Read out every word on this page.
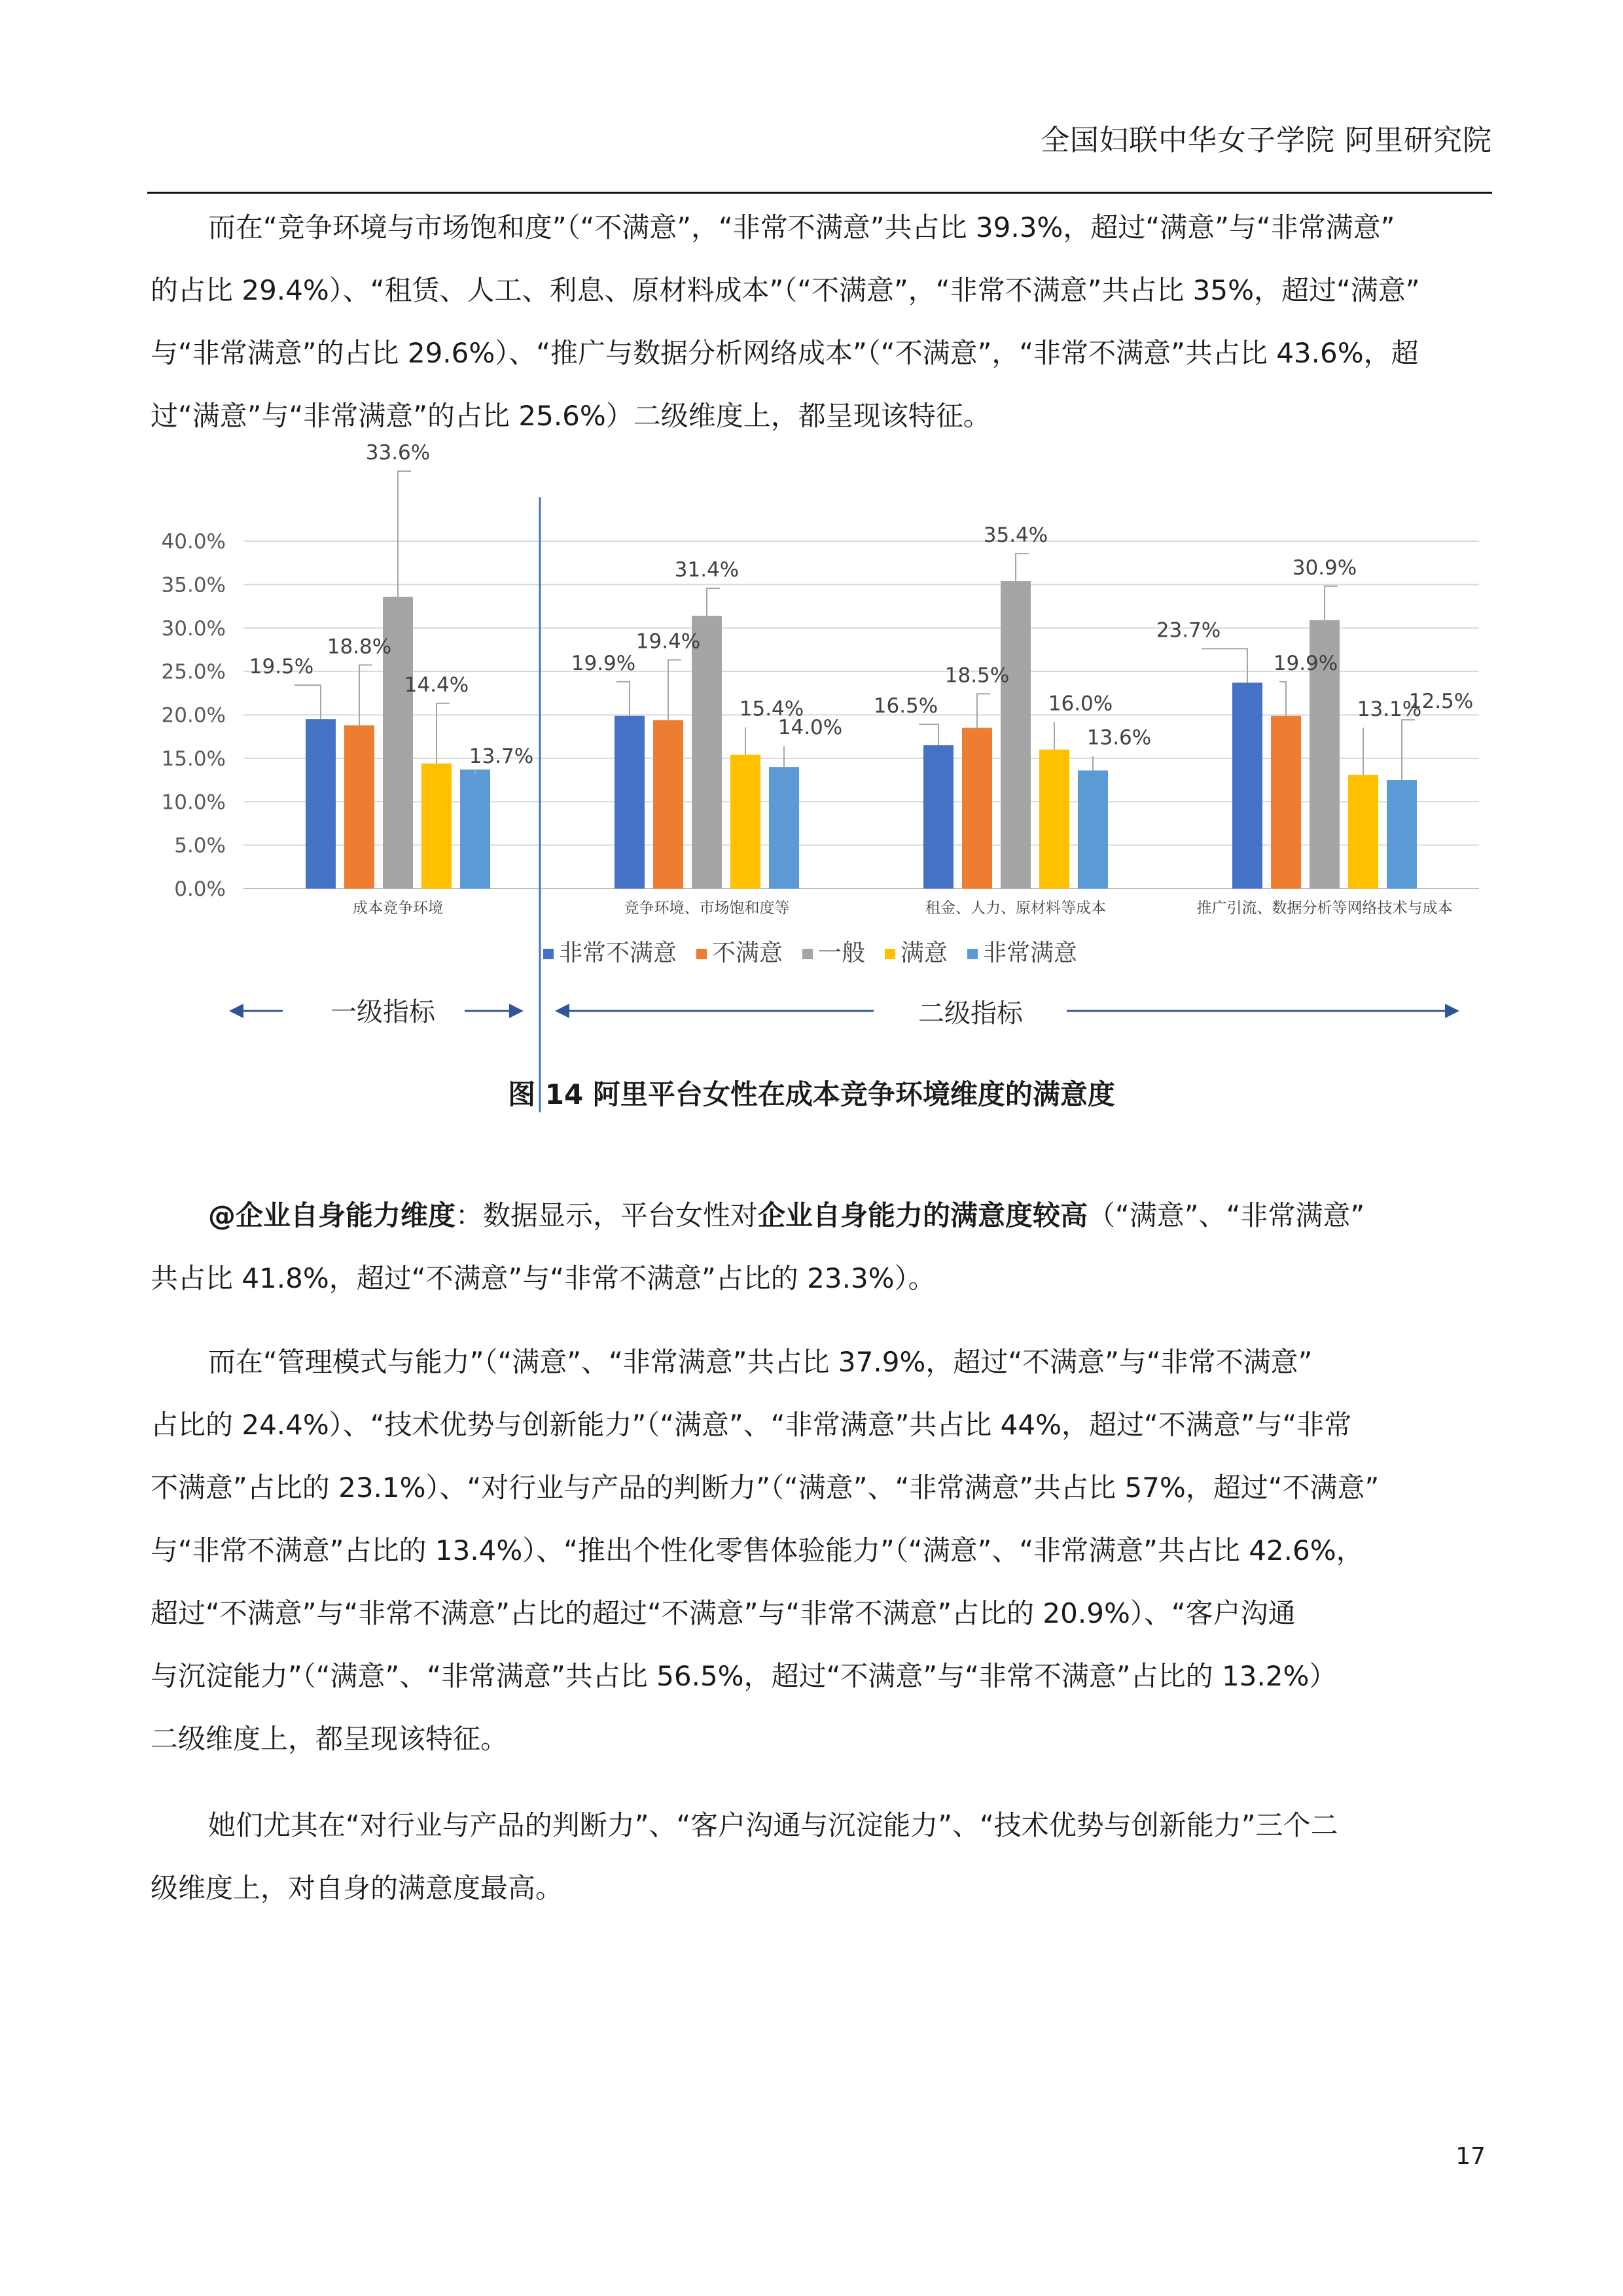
全国妇联中华女子学院 阿里研究院

而在“竞争环境与市场饱和度”（“不满意”，“非常不满意”共占比 39.3%，超过“满意”与“非常满意”
的占比 29.4%）、“租赁、人工、利息、原材料成本”（“不满意”，“非常不满意”共占比 35%，超过“满意”
与“非常满意”的占比 29.6%）、“推广与数据分析网络成本”（“不满意”，“非常不满意”共占比 43.6%，超
过“满意”与“非常满意”的占比 25.6%）二级维度上，都呈现该特征。

40.0%
35.0%
30.0%
25.0%
20.0%
15.0%
10.0%
5.0%
0.0%
19.5%
18.8%
33.6%
14.4%
13.7%
成本竞争环境
19.9%
19.4%
31.4%
15.4%
14.0%
竞争环境、市场饱和度等
16.5%
18.5%
35.4%
16.0%
13.6%
租金、人力、原材料等成本
23.7%
19.9%
30.9%
13.1%
12.5%
推广引流、数据分析等网络技术与成本
非常不满意 不满意 一般 满意 非常满意
一级指标	二级指标
图 14 阿里平台女性在成本竞争环境维度的满意度

@企业自身能力维度：数据显示，平台女性对企业自身能力的满意度较高（“满意”、“非常满意”
共占比 41.8%，超过“不满意”与“非常不满意”占比的 23.3%）。

而在“管理模式与能力”（“满意”、“非常满意”共占比 37.9%，超过“不满意”与“非常不满意”
占比的 24.4%）、“技术优势与创新能力”（“满意”、“非常满意”共占比 44%，超过“不满意”与“非常
不满意”占比的 23.1%）、“对行业与产品的判断力”（“满意”、“非常满意”共占比 57%，超过“不满意”
与“非常不满意”占比的 13.4%）、“推出个性化零售体验能力”（“满意”、“非常满意”共占比 42.6%，
超过“不满意”与“非常不满意”占比的超过“不满意”与“非常不满意”占比的 20.9%）、“客户沟通
与沉淀能力”（“满意”、“非常满意”共占比 56.5%，超过“不满意”与“非常不满意”占比的 13.2%）
二级维度上，都呈现该特征。

她们尤其在“对行业与产品的判断力”、“客户沟通与沉淀能力”、“技术优势与创新能力”三个二
级维度上，对自身的满意度最高。

17
